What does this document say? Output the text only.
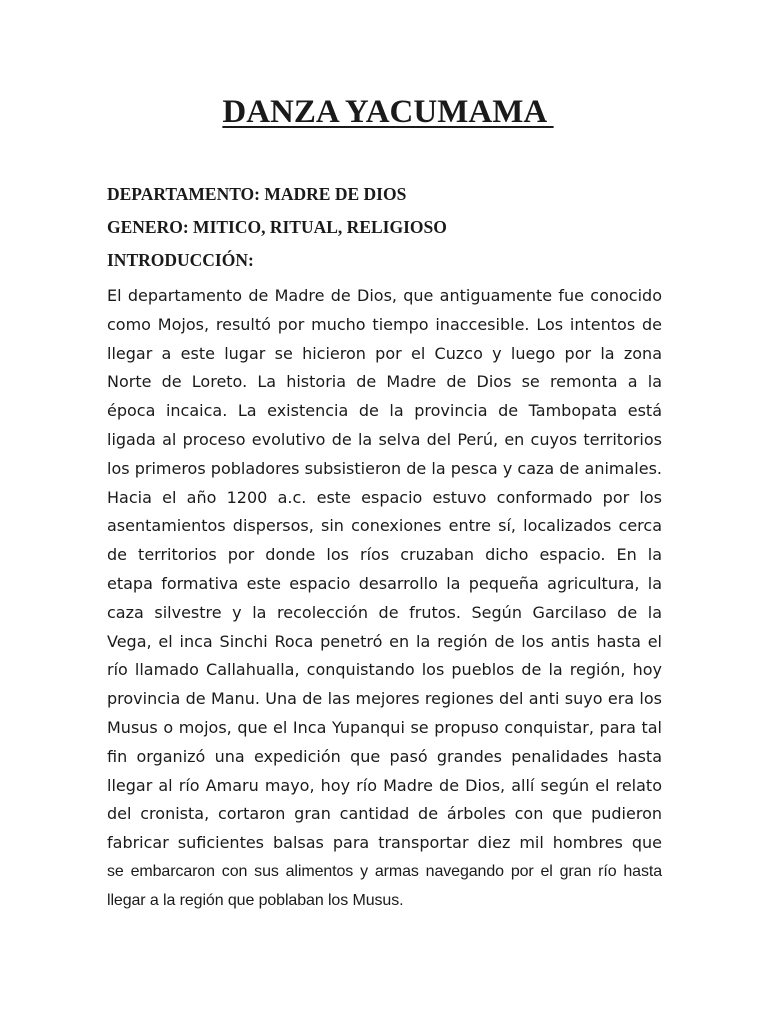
DANZA YACUMAMA

DEPARTAMENTO: MADRE DE DIOS

GENERO: MITICO, RITUAL, RELIGIOSO

INTRODUCCIÓN:

El departamento de Madre de Dios, que antiguamente fue conocido
como Mojos, resultó por mucho tiempo inaccesible. Los intentos de
llegar a este lugar se hicieron por el Cuzco y luego por la zona
Norte de Loreto. La historia de Madre de Dios se remonta a la
época incaica. La existencia de la provincia de Tambopata está
ligada al proceso evolutivo de la selva del Perú, en cuyos territorios
los primeros pobladores subsistieron de la pesca y caza de animales.
Hacia el año 1200 a.c. este espacio estuvo conformado por los
asentamientos dispersos, sin conexiones entre sí, localizados cerca
de territorios por donde los ríos cruzaban dicho espacio. En la
etapa formativa este espacio desarrollo la pequeña agricultura, la
caza silvestre y la recolección de frutos. Según Garcilaso de la
Vega, el inca Sinchi Roca penetró en la región de los antis hasta el
río llamado Callahualla, conquistando los pueblos de la región, hoy
provincia de Manu. Una de las mejores regiones del anti suyo era los
Musus o mojos, que el Inca Yupanqui se propuso conquistar, para tal
fin organizó una expedición que pasó grandes penalidades hasta
llegar al río Amaru mayo, hoy río Madre de Dios, allí según el relato
del cronista, cortaron gran cantidad de árboles con que pudieron
fabricar suficientes balsas para transportar diez mil hombres que
se embarcaron con sus alimentos y armas navegando por el gran río hasta
llegar a la región que poblaban los Musus.
